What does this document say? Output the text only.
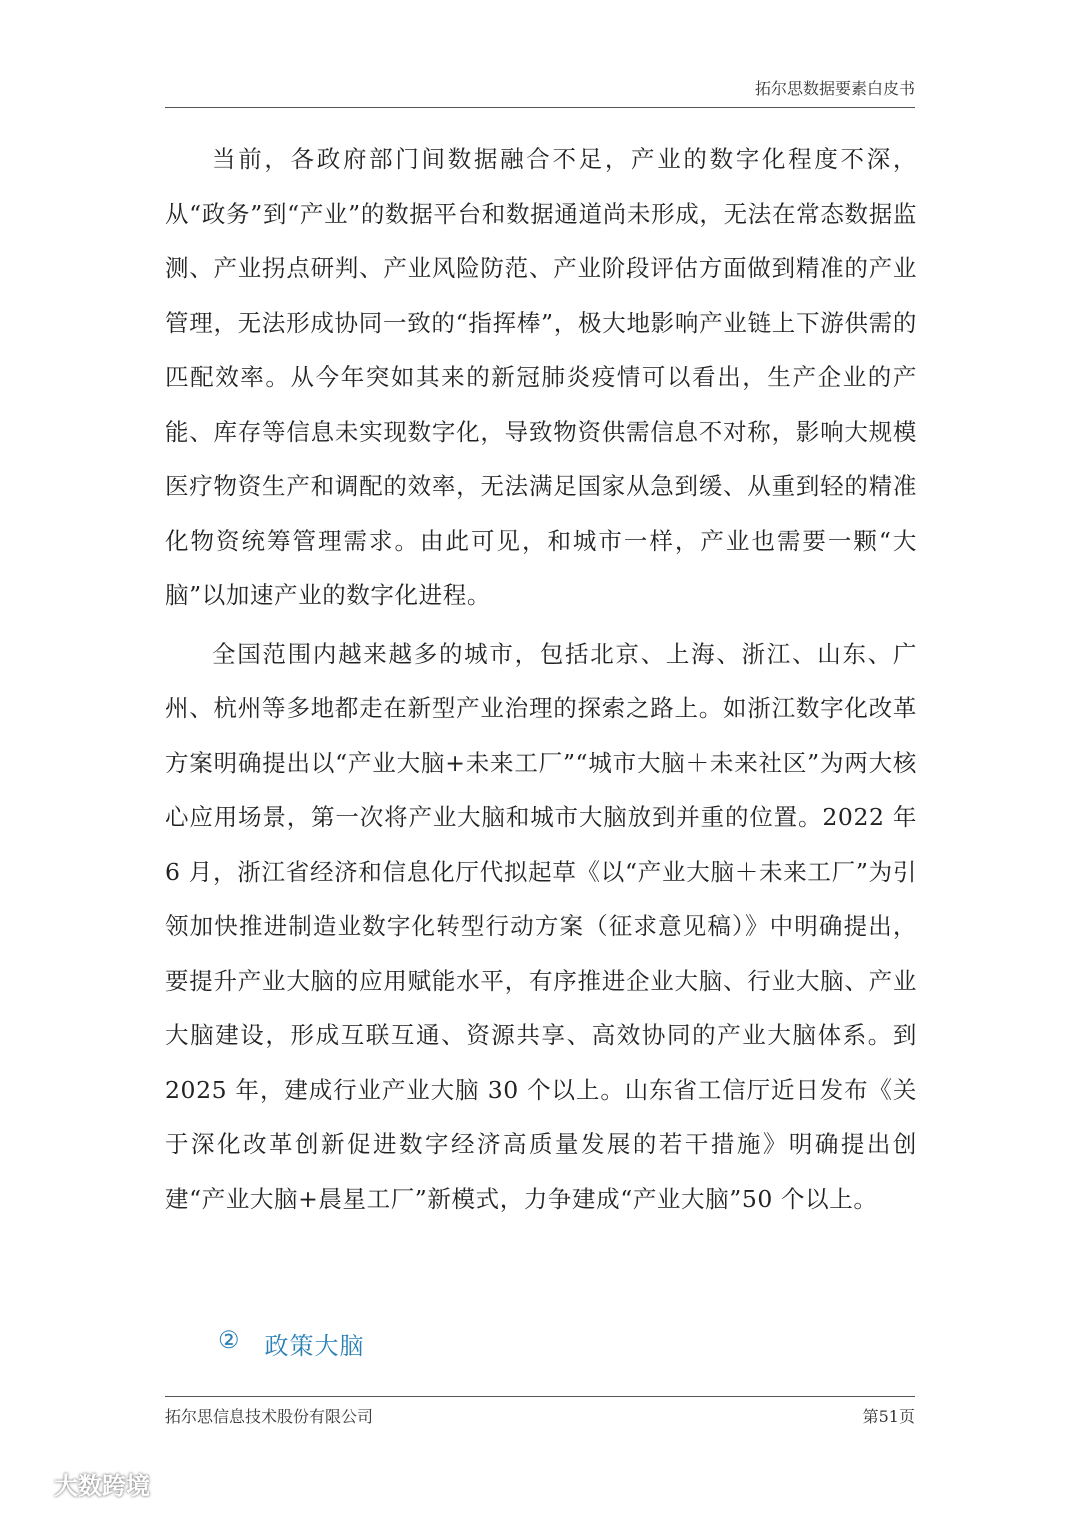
拓尔思数据要素白皮书

当前，各政府部门间数据融合不足，产业的数字化程度不深，从“政务”到“产业”的数据平台和数据通道尚未形成，无法在常态数据监测、产业拐点研判、产业风险防范、产业阶段评估方面做到精准的产业管理，无法形成协同一致的“指挥棒”，极大地影响产业链上下游供需的匹配效率。从今年突如其来的新冠肺炎疫情可以看出，生产企业的产能、库存等信息未实现数字化，导致物资供需信息不对称，影响大规模医疗物资生产和调配的效率，无法满足国家从急到缓、从重到轻的精准化物资统筹管理需求。由此可见，和城市一样，产业也需要一颗“大脑”以加速产业的数字化进程。

全国范围内越来越多的城市，包括北京、上海、浙江、山东、广州、杭州等多地都走在新型产业治理的探索之路上。如浙江数字化改革方案明确提出以“产业大脑+未来工厂”“城市大脑＋未来社区”为两大核心应用场景，第一次将产业大脑和城市大脑放到并重的位置。2022 年 6 月，浙江省经济和信息化厅代拟起草《以“产业大脑＋未来工厂”为引领加快推进制造业数字化转型行动方案（征求意见稿）》中明确提出，要提升产业大脑的应用赋能水平，有序推进企业大脑、行业大脑、产业大脑建设，形成互联互通、资源共享、高效协同的产业大脑体系。到 2025 年，建成行业产业大脑 30 个以上。山东省工信厅近日发布《关于深化改革创新促进数字经济高质量发展的若干措施》明确提出创建“产业大脑+晨星工厂”新模式，力争建成“产业大脑”50 个以上。

② 政策大脑
拓尔思信息技术股份有限公司	第51页
大数跨境
